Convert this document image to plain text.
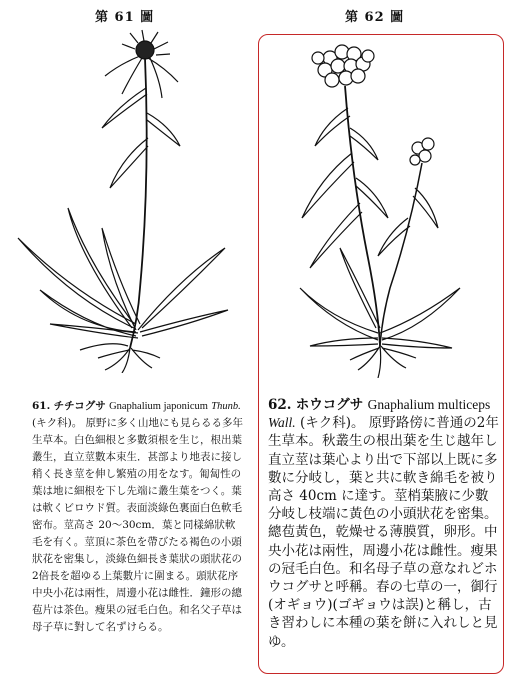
第 61 圖	第 62 圖
61. チチコグサ Gnaphalium japonicum Thunb. (キク科)。 原野に多く山地にも見らるる多年生草本。白色細根と多數須根を生じ，根出葉叢生，直立莖數本束生．甚部より地表に接し稍く長き莖を伸し繁殖の用をなす。匍匐性の葉は地に細根を下し先端に叢生葉をつく。葉は軟くビロウド質。表面淡綠色裏面白色軟毛密布。莖高さ 20～30cm．葉と同樣綿狀軟毛を有く。莖頂に茶色を帶びたる褐色の小頭狀花を密集し，淡綠色細長き葉狀の頭狀花の2倍長を超ゆる上葉數片に圍まる。頭狀花序中央小花は兩性，周邊小花は雌性．鐘形の總苞片は茶色。瘦果の冠毛白色。和名父子草は母子草に對して名ずけらる。
62. ホウコグサ Gnaphalium multiceps Wall. (キク科)。 原野路傍に普通の2年生草本。秋叢生の根出葉を生じ越年し直立莖は葉心より出で下部以上既に多數に分岐し，葉と共に軟き綿毛を被り高さ 40cm に達す。莖梢葉腋に少數分岐し枝端に黃色の小頭狀花を密集。總苞黃色，乾燥せる薄膜質，卵形。中央小花は兩性，周邊小花は雌性。瘦果の冠毛白色。和名母子草の意なれどホウコグサと呼稱。春の七草の一，御行(オギョウ)(ゴギョウは誤)と稱し，古き習わしに本種の葉を餅に入れしと見ゆ。
